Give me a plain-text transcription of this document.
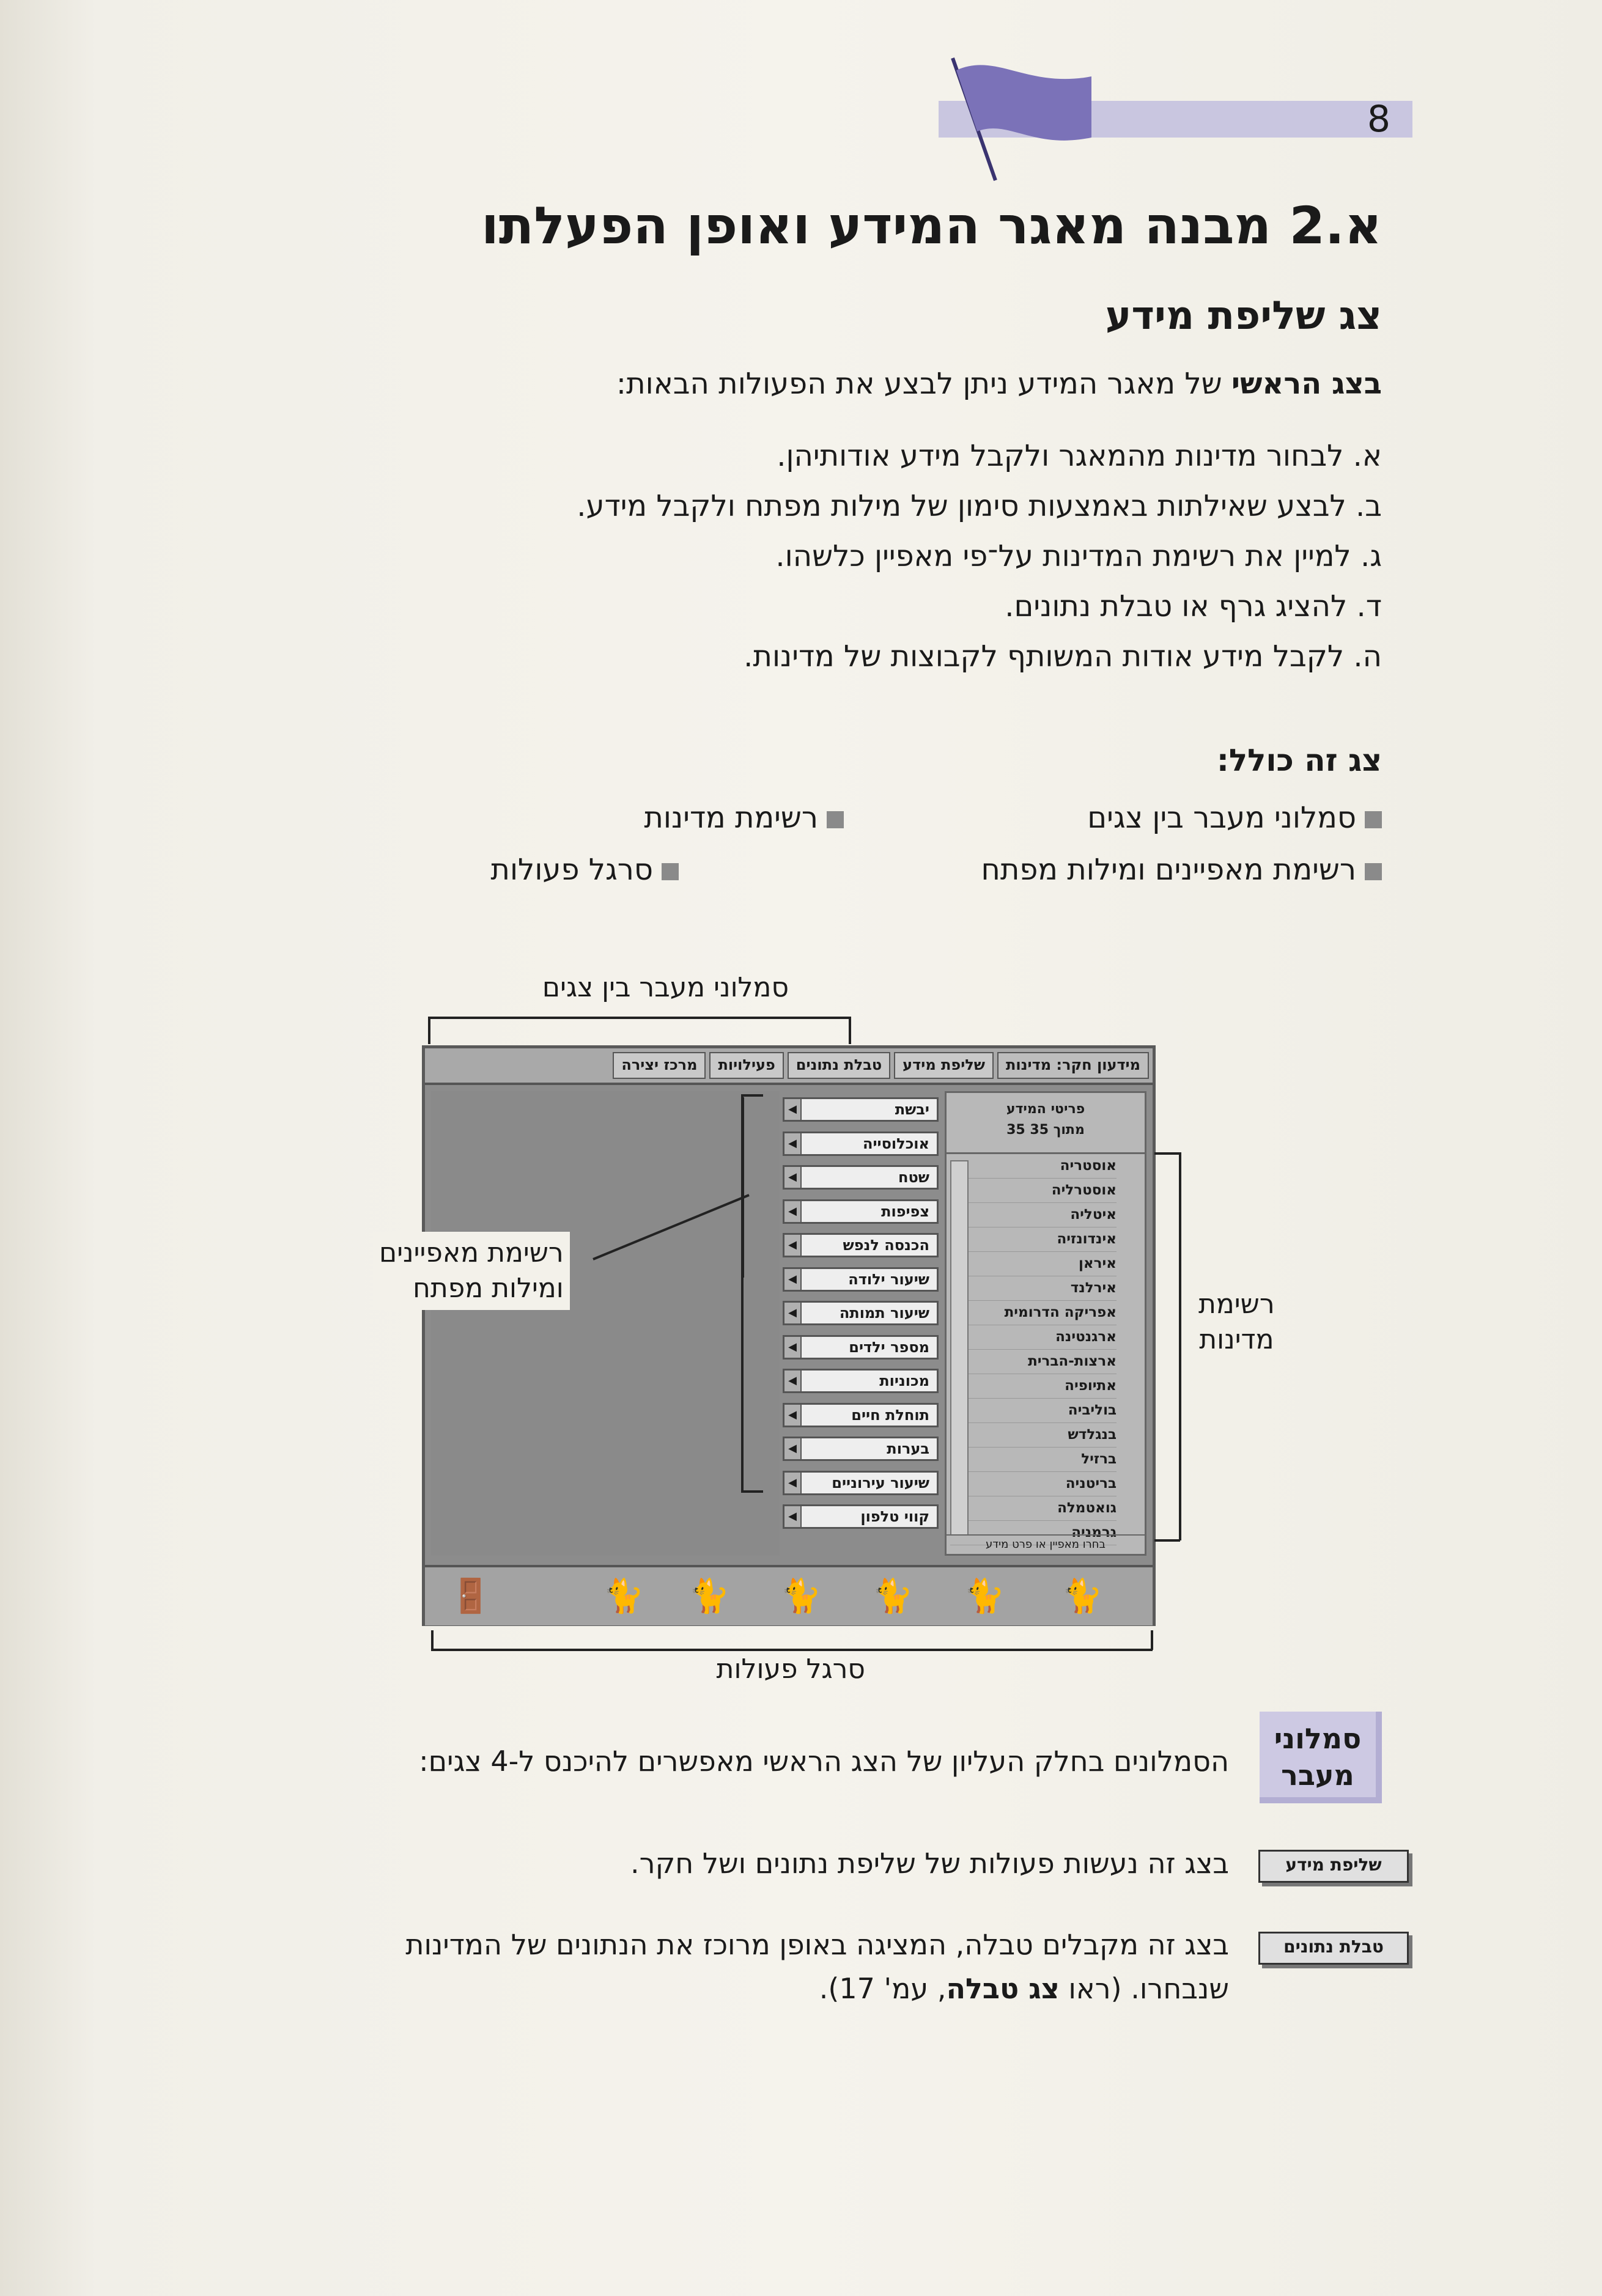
8
א.2 מבנה מאגר המידע ואופן הפעלתו
צג שליפת מידע
בצג הראשי של מאגר המידע ניתן לבצע את הפעולות הבאות:
א. לבחור מדינות מהמאגר ולקבל מידע אודותיהן.
ב. לבצע שאילתות באמצעות סימון של מילות מפתח ולקבל מידע.
ג. למיין את רשימת המדינות על־פי מאפיין כלשהו.
ד. להציג גרף או טבלת נתונים.
ה. לקבל מידע אודות המשותף לקבוצות של מדינות.
צג זה כולל:
סמלוני מעבר בין צגים
רשימת מדינות
רשימת מאפיינים ומילות מפתח
סרגל פעולות
סמלוני מעבר בין צגים
מידעון חקר: מדינות
שליפת מידע
טבלת נתונים
פעילויות
מרכז יצירה
יבשת
◀
אוכלוסייה
◀
שטח
◀
צפיפות
◀
הכנסה לנפש
◀
שיעור ילודה
◀
שיעור תמותה
◀
מספר ילדים
◀
מכוניות
◀
תוחלת חיים
◀
בערות
◀
שיעור עירוניים
◀
קווי טלפון
◀
פריטי המידע
35 מתוך 35
אוסטריה
אוסטרליה
איטליה
אינדונזיה
איראן
אירלנד
אפריקה הדרומית
ארגנטינה
ארצות-הברית
אתיופיה
בוליביה
בנגלדש
ברזיל
בריטניה
גואטמלה
גרמניה
בחרו מאפיין או פרט מידע
🚪	🐈	🐈	🐈	🐈	🐈	🐈
רשימת מאפיינים
ומילות מפתח
רשימת
מדינות
סרגל פעולות
סמלוני
מעבר
הסמלונים בחלק העליון של הצג הראשי מאפשרים להיכנס ל-4 צגים:
שליפת מידע
בצג זה נעשות פעולות של שליפת נתונים ושל חקר.
טבלת נתונים
בצג זה מקבלים טבלה, המציגה באופן מרוכז את הנתונים של המדינות
שנבחרו. (ראו צג טבלה, עמ' 17).
